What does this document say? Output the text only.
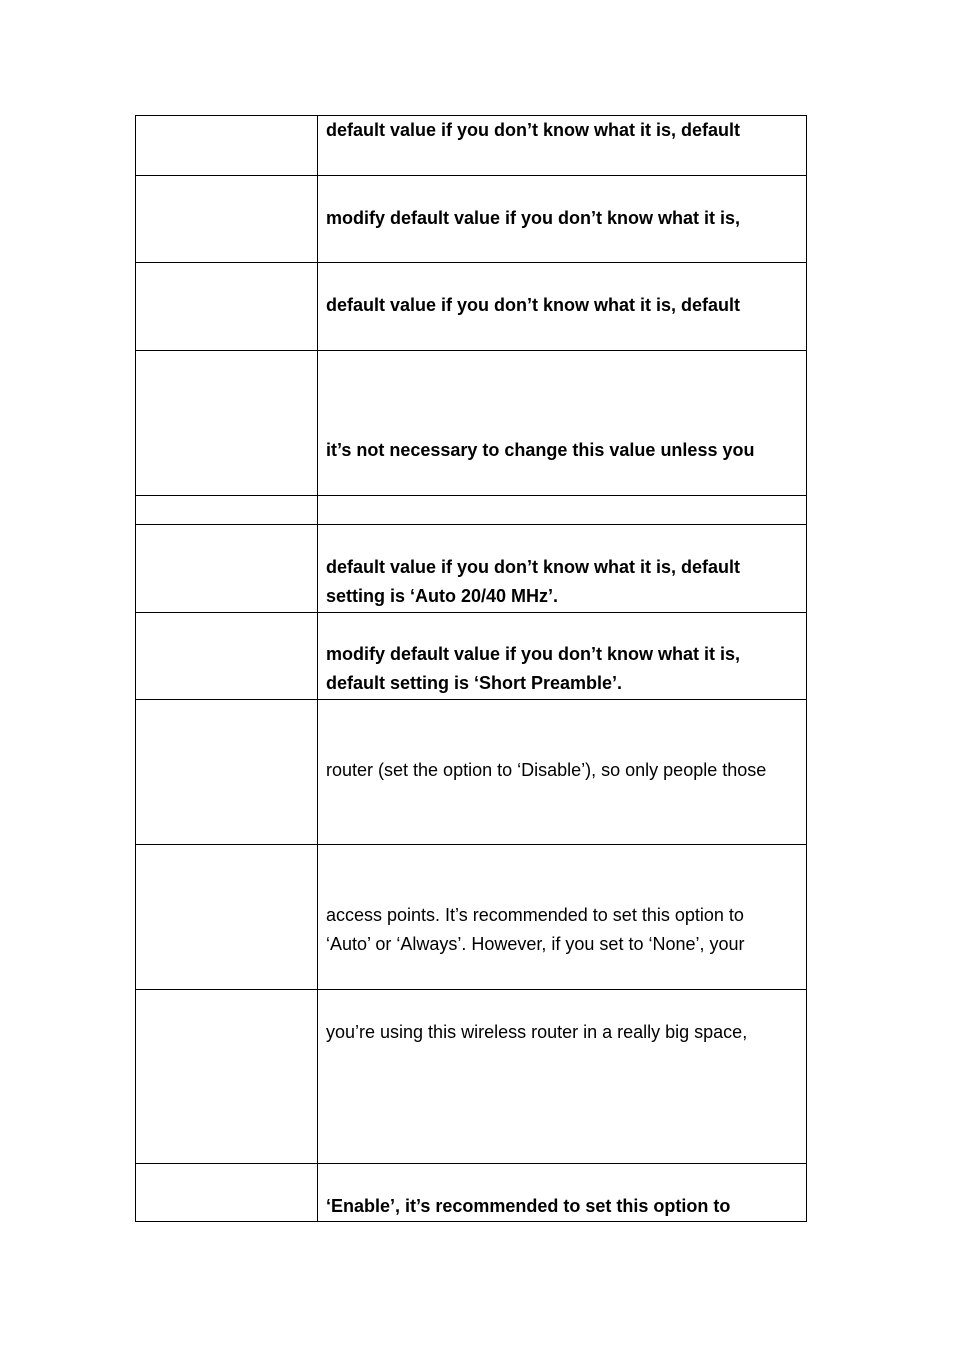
default value if you don’t know what it is, default
modify default value if you don’t know what it is,
default value if you don’t know what it is, default
it’s not necessary to change this value unless you
default value if you don’t know what it is, default
setting is ‘Auto 20/40 MHz’.
modify default value if you don’t know what it is,
default setting is ‘Short Preamble’.
router (set the option to ‘Disable’), so only people those
access points. It’s recommended to set this option to
‘Auto’ or ‘Always’. However, if you set to ‘None’, your
you’re using this wireless router in a really big space,
‘Enable’, it’s recommended to set this option to
